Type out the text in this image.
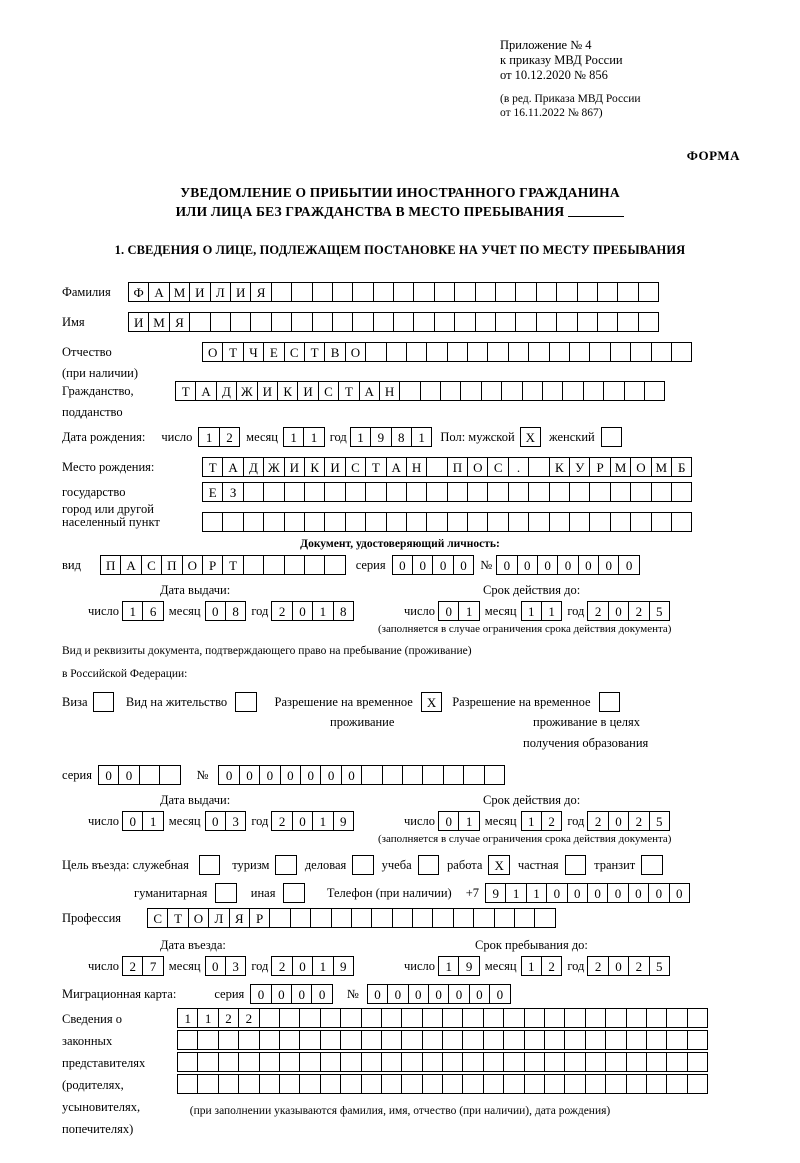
Приложение № 4
к приказу МВД России
от 10.12.2020 № 856
(в ред. Приказа МВД России
от 16.11.2022 № 867)
ФОРМА
УВЕДОМЛЕНИЕ О ПРИБЫТИИ ИНОСТРАННОГО ГРАЖДАНИНА
ИЛИ ЛИЦА БЕЗ ГРАЖДАНСТВА В МЕСТО ПРЕБЫВАНИЯ
1. СВЕДЕНИЯ О ЛИЦЕ, ПОДЛЕЖАЩЕМ ПОСТАНОВКЕ НА УЧЕТ ПО МЕСТУ ПРЕБЫВАНИЯ
Фамилия	Ф А М И Л И Я
Имя	И М Я
Отчество	О Т Ч Е С Т В О
(при наличии)
Гражданство,	Т А Д Ж И К И С Т А Н
подданство
Дата рождения: число	1	2	месяц 1	1 год 1	9	8	1	Пол: мужской X	женский
Место рождения:	Т А Д Ж И К И С Т А Н	П О С	.	К У Р М О М Б
государство	Е	З
город или другой
населенный пункт
Документ, удостоверяющий личность:
вид	П А С П О Р Т	серия	0	0	0	0	№ 0	0	0	0	0	0	0
Дата выдачи:	Срок действия до:
число 1	6 месяц 0	8 год 2	0	1	8	число 0	1 месяц 1	1 год 2	0	2	5
(заполняется в случае ограничения срока действия документа)
Вид и реквизиты документа, подтверждающего право на пребывание (проживание)
в Российской Федерации:
Виза	Вид на жительство	Разрешение на временное	X	Разрешение на временное
проживание	проживание в целях
получения образования
серия	0	0	№	0	0	0	0	0	0	0
Дата выдачи:	Срок действия до:
число 0	1 месяц 0	3 год 2	0	1	9	число 0	1 месяц 1	2 год 2	0	2	5
(заполняется в случае ограничения срока действия документа)
Цель въезда: служебная	туризм	деловая	учеба	работа X	частная	транзит
гуманитарная	иная	Телефон (при наличии) +7	9	1	1	0	0	0	0	0	0	0
Профессия	С Т О Л Я Р
Дата въезда:	Срок пребывания до:
число 2	7 месяц 0	3 год 2	0	1	9	число 1	9 месяц 1	2 год 2	0	2	5
Миграционная карта:	серия	0	0	0	0	№	0	0	0	0	0	0	0
Сведения о
законных
представителях
(родителях,
усыновителях,
попечителях)
1	1	2	2
(при заполнении указываются фамилия, имя, отчество (при наличии), дата рождения)
